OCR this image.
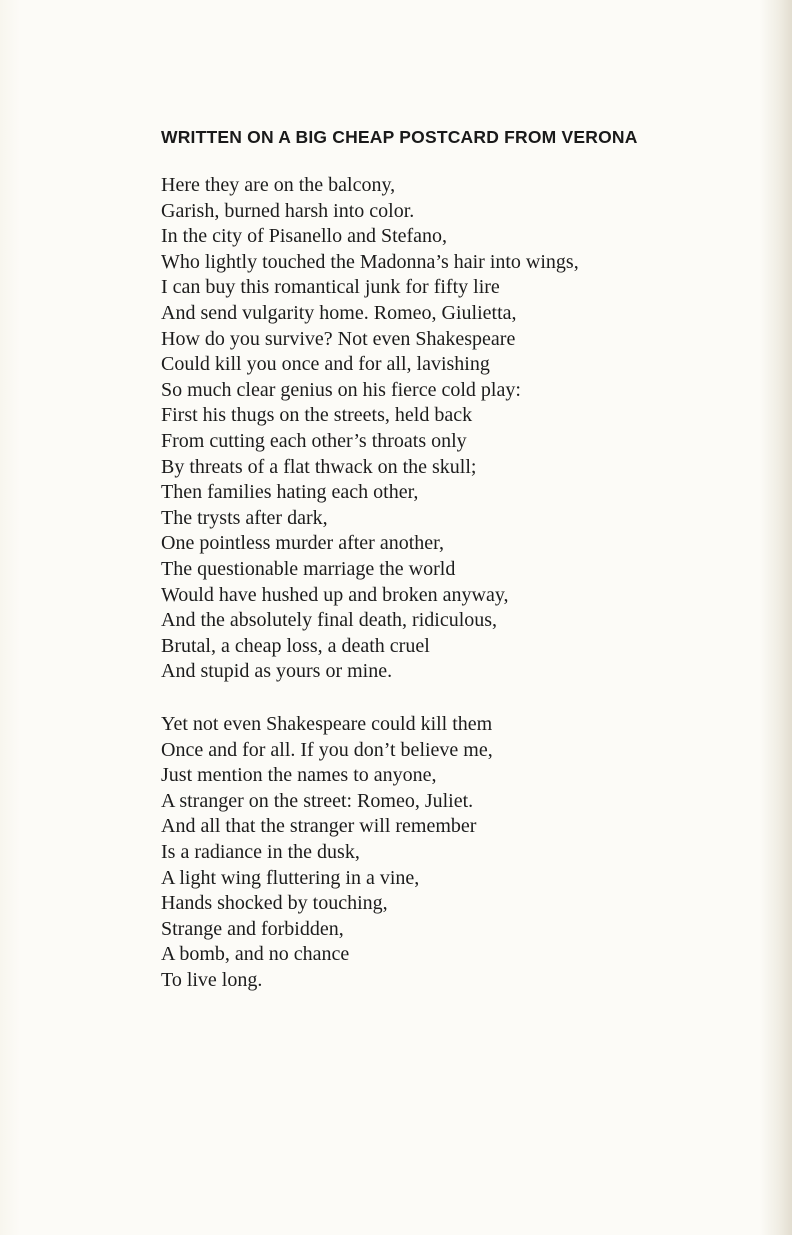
WRITTEN ON A BIG CHEAP POSTCARD FROM VERONA
Here they are on the balcony,
Garish, burned harsh into color.
In the city of Pisanello and Stefano,
Who lightly touched the Madonna’s hair into wings,
I can buy this romantical junk for fifty lire
And send vulgarity home. Romeo, Giulietta,
How do you survive? Not even Shakespeare
Could kill you once and for all, lavishing
So much clear genius on his fierce cold play:
First his thugs on the streets, held back
From cutting each other’s throats only
By threats of a flat thwack on the skull;
Then families hating each other,
The trysts after dark,
One pointless murder after another,
The questionable marriage the world
Would have hushed up and broken anyway,
And the absolutely final death, ridiculous,
Brutal, a cheap loss, a death cruel
And stupid as yours or mine.
Yet not even Shakespeare could kill them
Once and for all. If you don’t believe me,
Just mention the names to anyone,
A stranger on the street: Romeo, Juliet.
And all that the stranger will remember
Is a radiance in the dusk,
A light wing fluttering in a vine,
Hands shocked by touching,
Strange and forbidden,
A bomb, and no chance
To live long.
